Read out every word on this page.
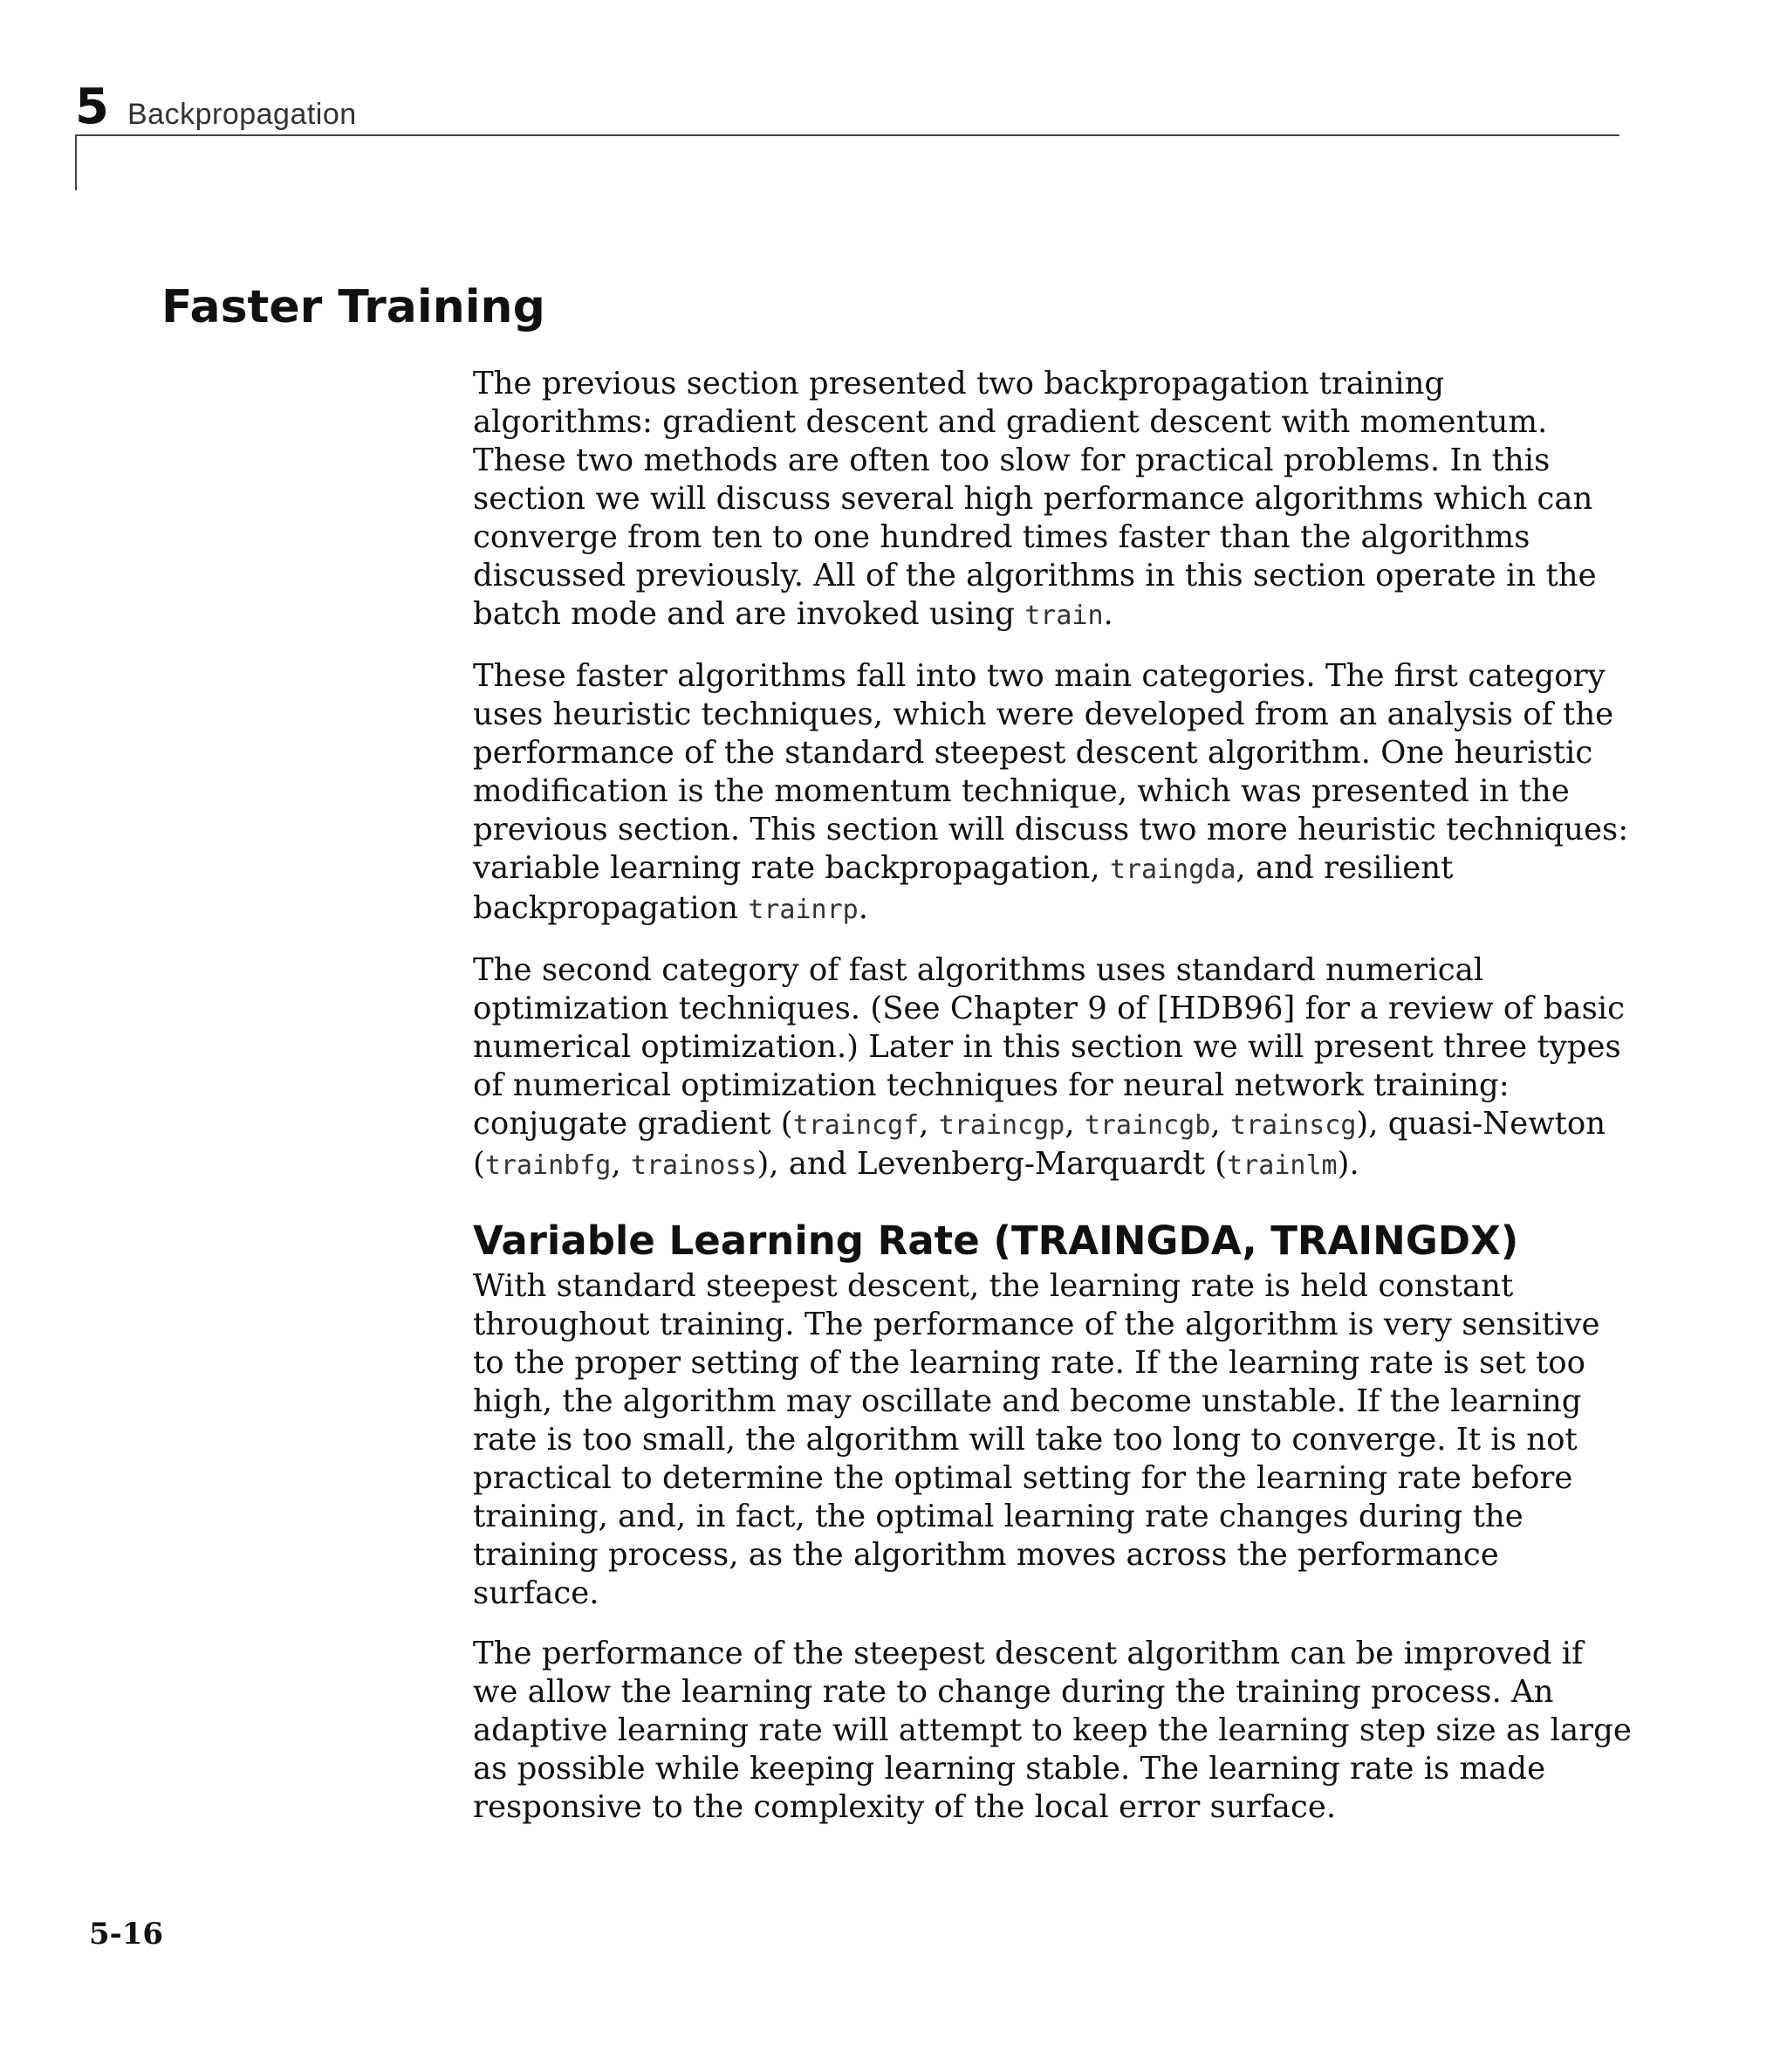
5 Backpropagation
Faster Training

The previous section presented two backpropagation training algorithms: gradient descent and gradient descent with momentum. These two methods are often too slow for practical problems. In this section we will discuss several high performance algorithms which can converge from ten to one hundred times faster than the algorithms discussed previously. All of the algorithms in this section operate in the batch mode and are invoked using train.

These faster algorithms fall into two main categories. The first category uses heuristic techniques, which were developed from an analysis of the performance of the standard steepest descent algorithm. One heuristic modification is the momentum technique, which was presented in the previous section. This section will discuss two more heuristic techniques: variable learning rate backpropagation, traingda, and resilient backpropagation trainrp.

The second category of fast algorithms uses standard numerical optimization techniques. (See Chapter 9 of [HDB96] for a review of basic numerical optimization.) Later in this section we will present three types of numerical optimization techniques for neural network training: conjugate gradient (traincgf, traincgp, traincgb, trainscg), quasi-Newton (trainbfg, trainoss), and Levenberg-Marquardt (trainlm).

Variable Learning Rate (TRAINGDA, TRAINGDX)

With standard steepest descent, the learning rate is held constant throughout training. The performance of the algorithm is very sensitive to the proper setting of the learning rate. If the learning rate is set too high, the algorithm may oscillate and become unstable. If the learning rate is too small, the algorithm will take too long to converge. It is not practical to determine the optimal setting for the learning rate before training, and, in fact, the optimal learning rate changes during the training process, as the algorithm moves across the performance surface.

The performance of the steepest descent algorithm can be improved if we allow the learning rate to change during the training process. An adaptive learning rate will attempt to keep the learning step size as large as possible while keeping learning stable. The learning rate is made responsive to the complexity of the local error surface.

5-16
